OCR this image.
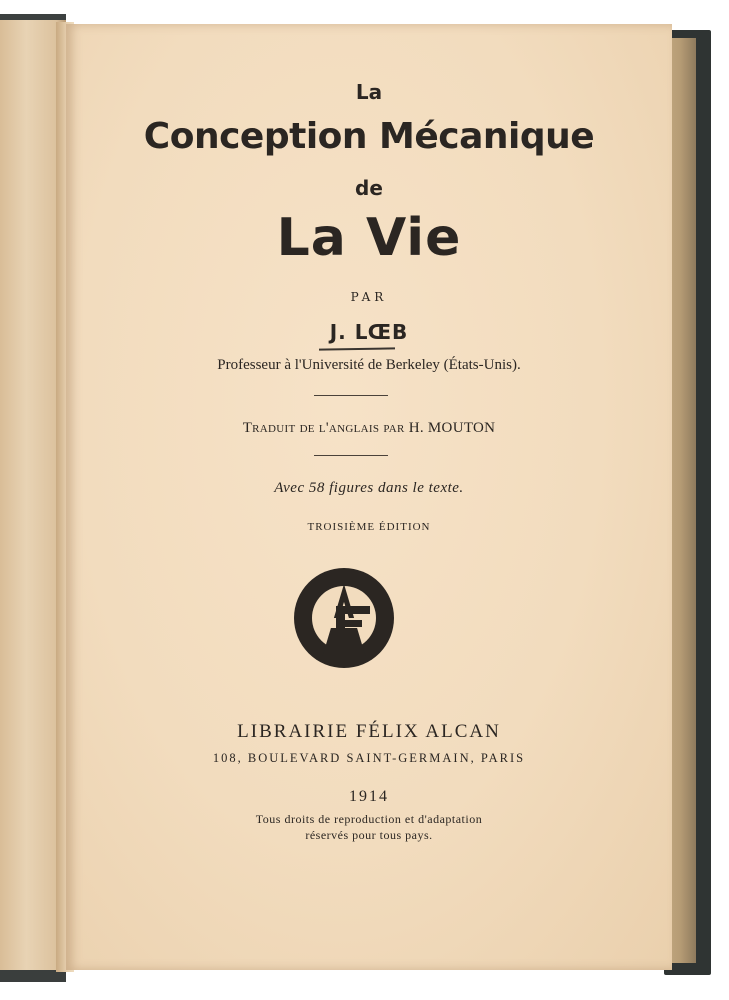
La
Conception Mécanique
de
La Vie
PAR
J. LŒB
Professeur à l'Université de Berkeley (États-Unis).
Traduit de l'anglais par H. MOUTON
Avec 58 figures dans le texte.
TROISIÈME ÉDITION
LIBRAIRIE FÉLIX ALCAN
108, BOULEVARD SAINT-GERMAIN, PARIS
1914
Tous droits de reproduction et d'adaptation
réservés pour tous pays.
